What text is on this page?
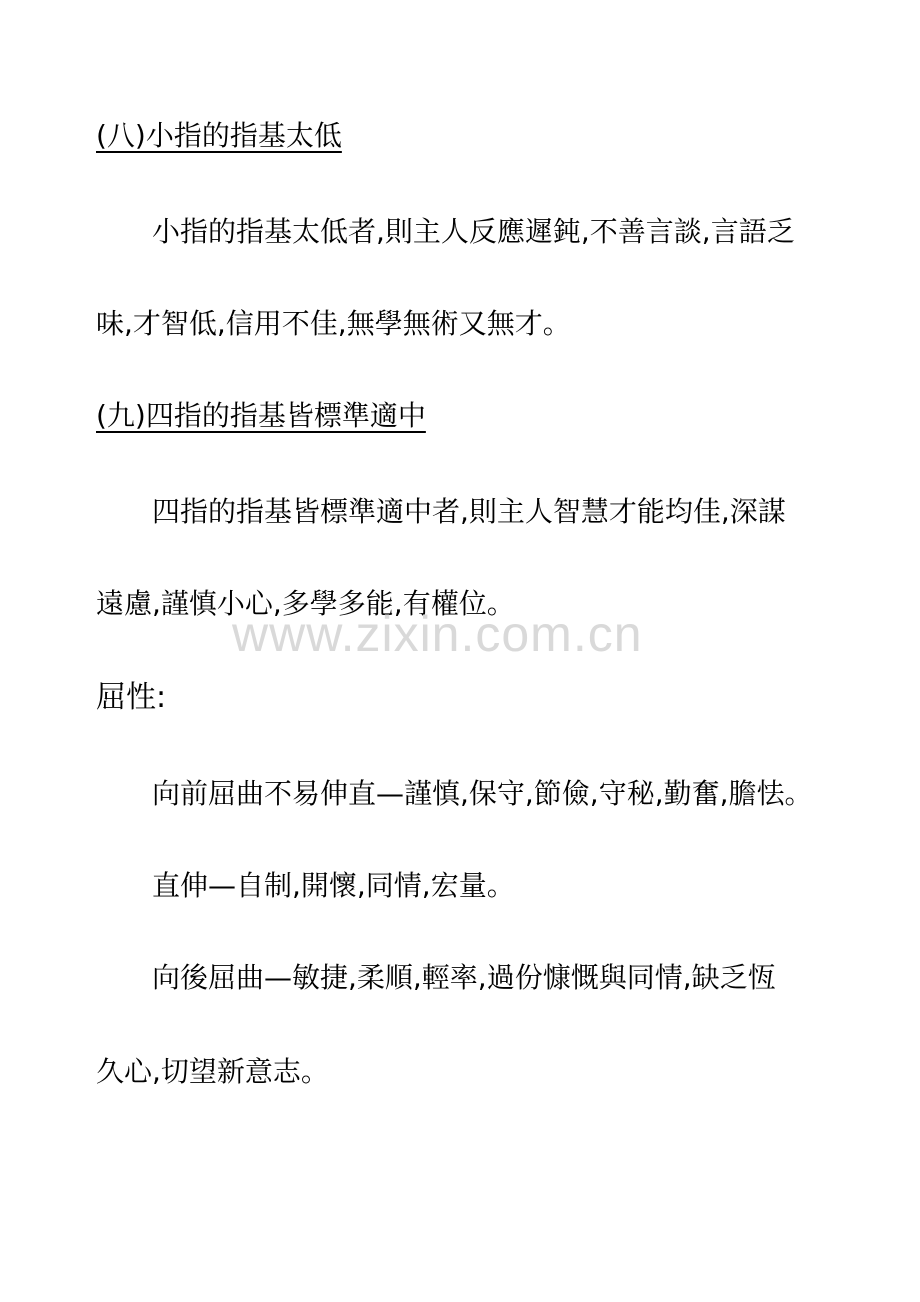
(八)小指的指基太低
小指的指基太低者,則主人反應遲鈍,不善言談,言語乏
味,才智低,信用不佳,無學無術又無才。
(九)四指的指基皆標準適中
四指的指基皆標準適中者,則主人智慧才能均佳,深謀
遠慮,謹慎小心,多學多能,有權位。
www.zixin.com.cn
屈性:
向前屈曲不易伸直—謹慎,保守,節儉,守秘,勤奮,膽怯。
直伸—自制,開懷,同情,宏量。
向後屈曲—敏捷,柔順,輕率,過份慷慨與同情,缺乏恆
久心,切望新意志。
